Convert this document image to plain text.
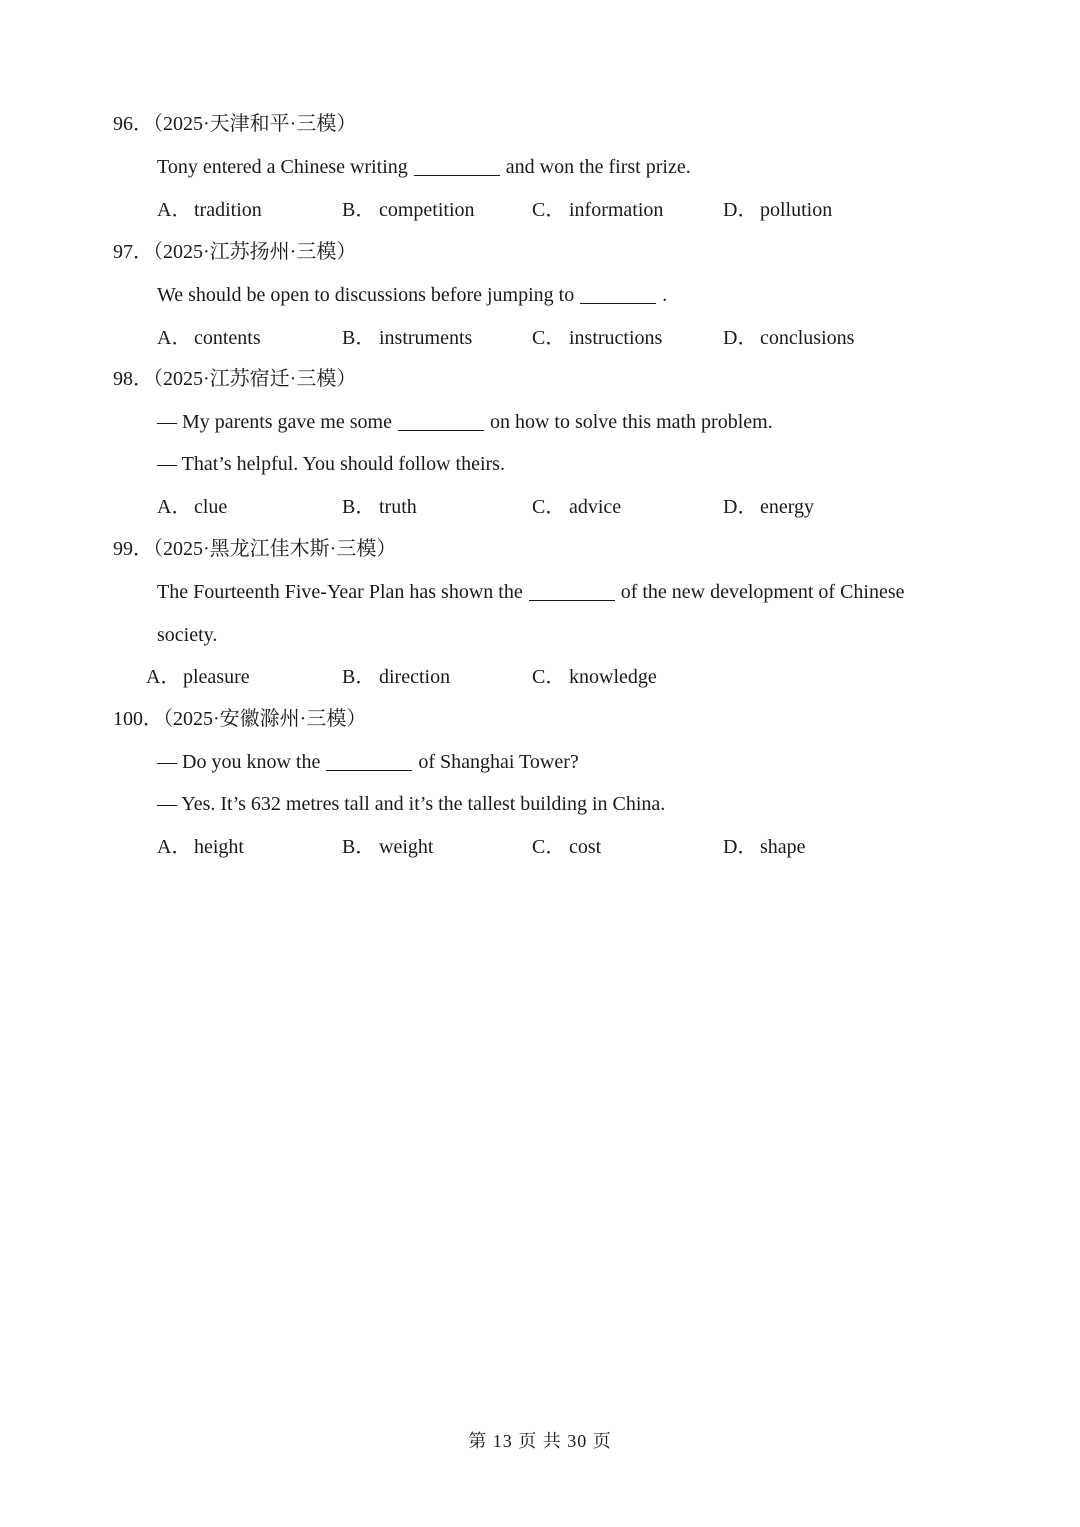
96．（2025·天津和平·三模）
Tony entered a Chinese writing	and won the first prize.
A． tradition	B． competition	C． information	D． pollution
97．（2025·江苏扬州·三模）
We should be open to discussions before jumping to	.
A． contents	B． instruments	C． instructions	D． conclusions
98．（2025·江苏宿迁·三模）
— My parents gave me some	on how to solve this math problem.
— That’s helpful. You should follow theirs.
A． clue	B． truth	C． advice	D． energy
99．（2025·黑龙江佳木斯·三模）
The Fourteenth Five-Year Plan has shown the	of the new development of Chinese
society.
A． pleasure	B． direction	C． knowledge
100．（2025·安徽滁州·三模）
— Do you know the	of Shanghai Tower?
— Yes. It’s 632 metres tall and it’s the tallest building in China.
A． height	B． weight	C． cost	D． shape
第 13 页 共 30 页
